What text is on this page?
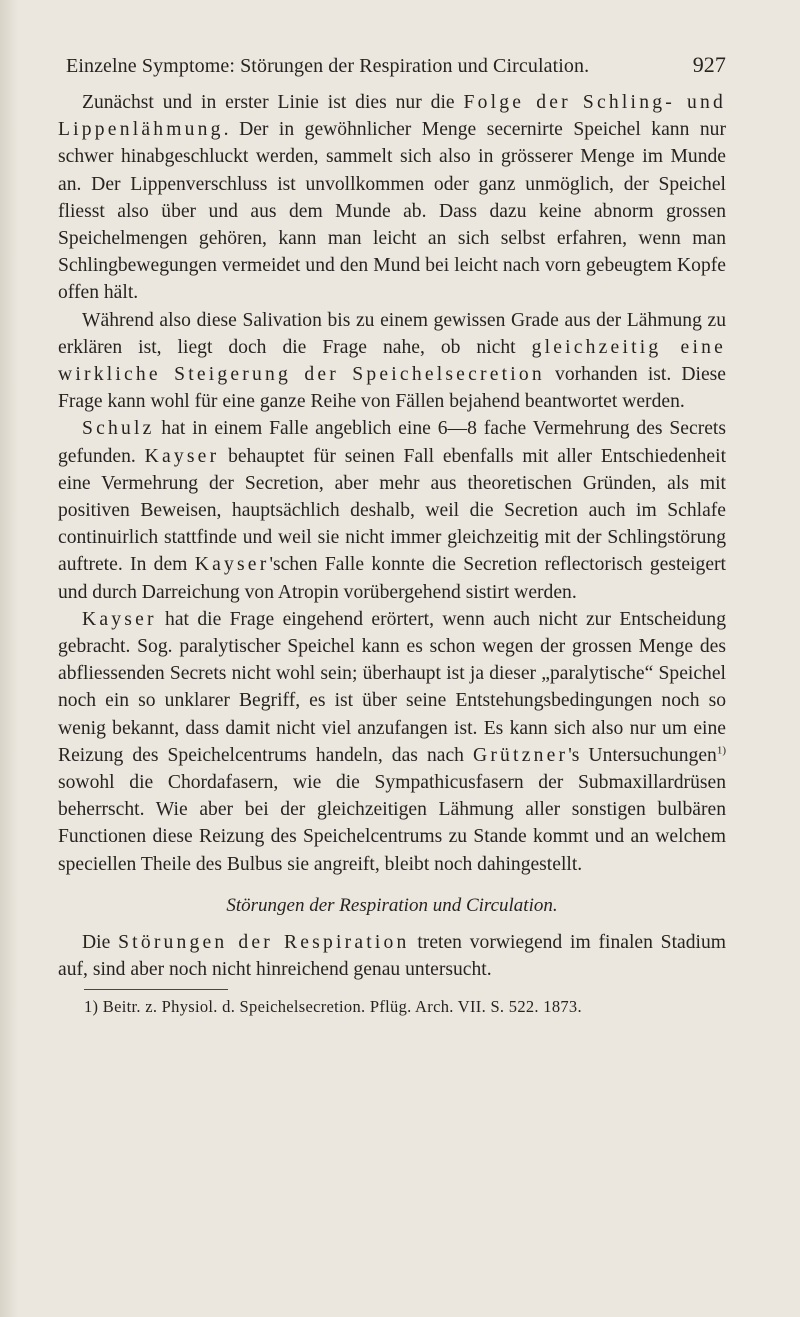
Einzelne Symptome: Störungen der Respiration und Circulation.	927

Zunächst und in erster Linie ist dies nur die Folge der Schling- und Lippenlähmung. Der in gewöhnlicher Menge secernirte Speichel kann nur schwer hinabgeschluckt werden, sammelt sich also in grösserer Menge im Munde an. Der Lippenverschluss ist unvollkommen oder ganz unmöglich, der Speichel fliesst also über und aus dem Munde ab. Dass dazu keine abnorm grossen Speichelmengen gehören, kann man leicht an sich selbst erfahren, wenn man Schlingbewegungen vermeidet und den Mund bei leicht nach vorn gebeugtem Kopfe offen hält.

Während also diese Salivation bis zu einem gewissen Grade aus der Lähmung zu erklären ist, liegt doch die Frage nahe, ob nicht gleichzeitig eine wirkliche Steigerung der Speichelsecretion vorhanden ist. Diese Frage kann wohl für eine ganze Reihe von Fällen bejahend beantwortet werden.

Schulz hat in einem Falle angeblich eine 6—8 fache Vermehrung des Secrets gefunden. Kayser behauptet für seinen Fall ebenfalls mit aller Entschiedenheit eine Vermehrung der Secretion, aber mehr aus theoretischen Gründen, als mit positiven Beweisen, hauptsächlich deshalb, weil die Secretion auch im Schlafe continuirlich stattfinde und weil sie nicht immer gleichzeitig mit der Schlingstörung auftrete. In dem Kayser'schen Falle konnte die Secretion reflectorisch gesteigert und durch Darreichung von Atropin vorübergehend sistirt werden.

Kayser hat die Frage eingehend erörtert, wenn auch nicht zur Entscheidung gebracht. Sog. paralytischer Speichel kann es schon wegen der grossen Menge des abfliessenden Secrets nicht wohl sein; überhaupt ist ja dieser „paralytische“ Speichel noch ein so unklarer Begriff, es ist über seine Entstehungsbedingungen noch so wenig bekannt, dass damit nicht viel anzufangen ist. Es kann sich also nur um eine Reizung des Speichelcentrums handeln, das nach Grützner's Untersuchungen$^{1)}$ sowohl die Chordafasern, wie die Sympathicusfasern der Submaxillardrüsen beherrscht. Wie aber bei der gleichzeitigen Lähmung aller sonstigen bulbären Functionen diese Reizung des Speichelcentrums zu Stande kommt und an welchem speciellen Theile des Bulbus sie angreift, bleibt noch dahingestellt.

Störungen der Respiration und Circulation.

Die Störungen der Respiration treten vorwiegend im finalen Stadium auf, sind aber noch nicht hinreichend genau untersucht.

1) Beitr. z. Physiol. d. Speichelsecretion. Pflüg. Arch. VII. S. 522. 1873.
